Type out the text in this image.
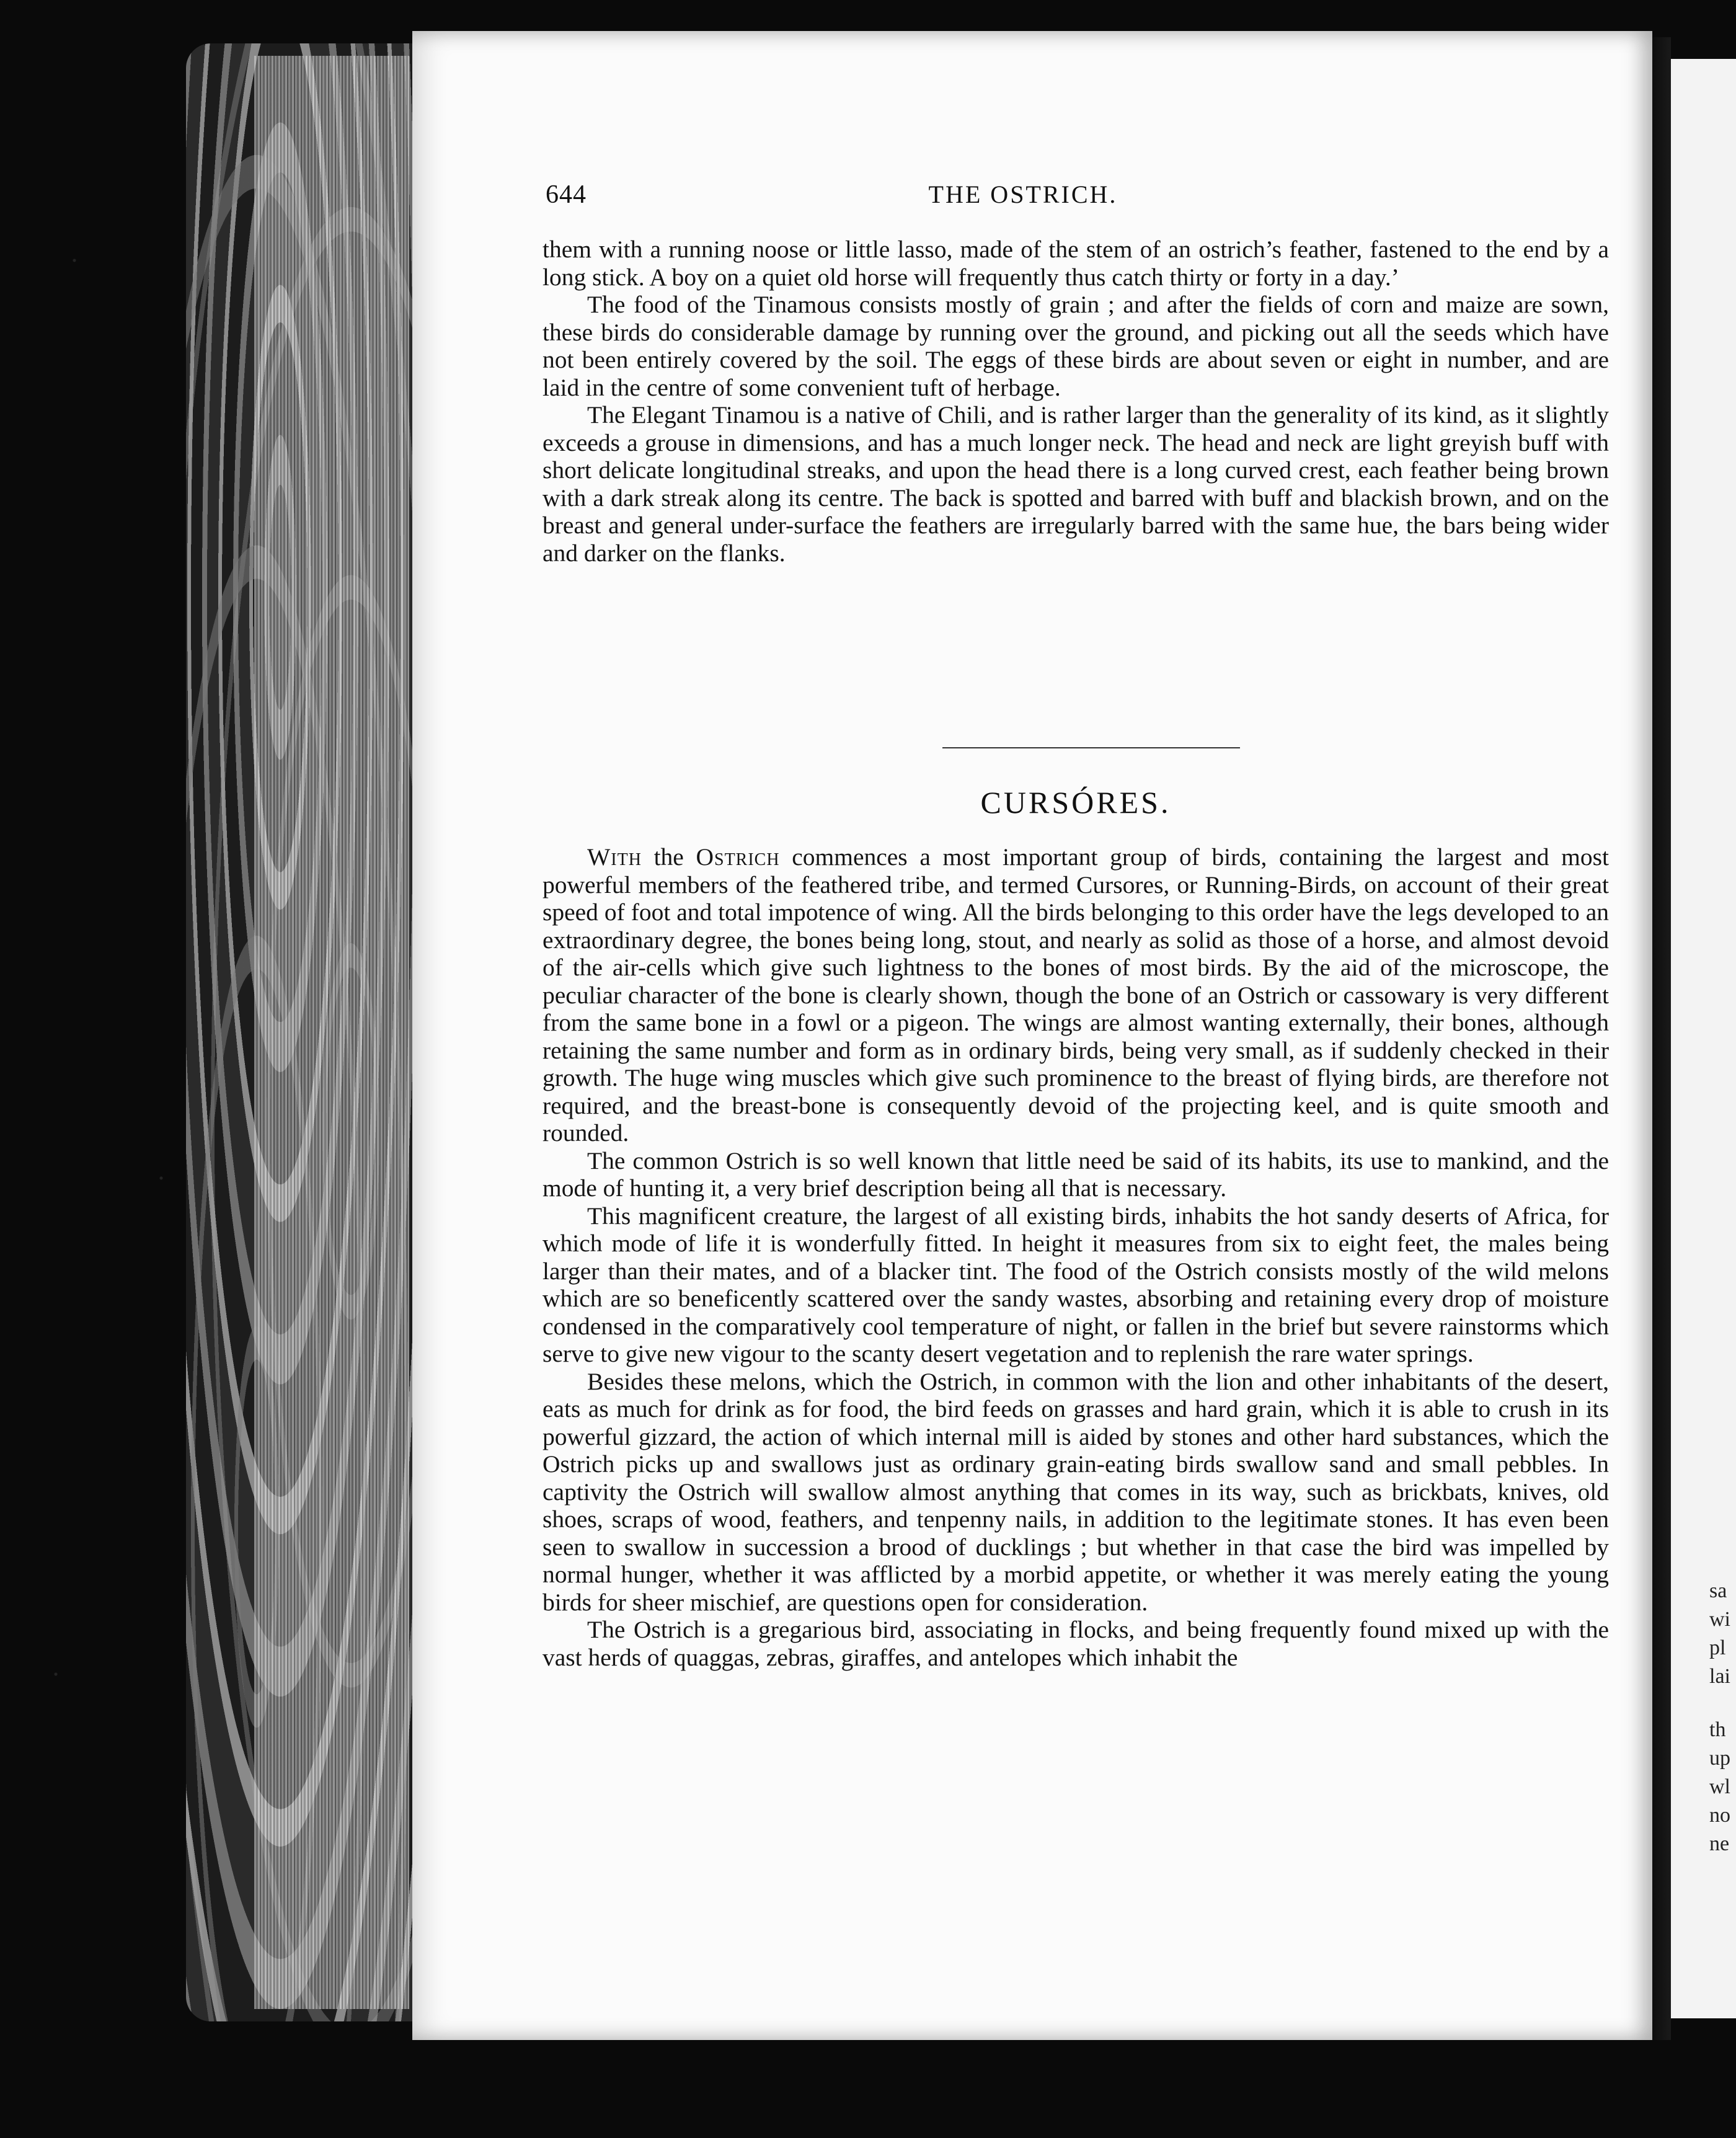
644	THE OSTRICH.

them with a running noose or little lasso, made of the stem of an ostrich’s feather, fastened to the end by a long stick. A boy on a quiet old horse will frequently thus catch thirty or forty in a day.’

The food of the Tinamous consists mostly of grain ; and after the fields of corn and maize are sown, these birds do considerable damage by running over the ground, and picking out all the seeds which have not been entirely covered by the soil. The eggs of these birds are about seven or eight in number, and are laid in the centre of some convenient tuft of herbage.

The Elegant Tinamou is a native of Chili, and is rather larger than the generality of its kind, as it slightly exceeds a grouse in dimensions, and has a much longer neck. The head and neck are light greyish buff with short delicate longitudinal streaks, and upon the head there is a long curved crest, each feather being brown with a dark streak along its centre. The back is spotted and barred with buff and blackish brown, and on the breast and general under-surface the feathers are irregularly barred with the same hue, the bars being wider and darker on the flanks.

CURSÓRES.

With the Ostrich commences a most important group of birds, containing the largest and most powerful members of the feathered tribe, and termed Cursores, or Running-Birds, on account of their great speed of foot and total impotence of wing. All the birds belonging to this order have the legs developed to an extraordinary degree, the bones being long, stout, and nearly as solid as those of a horse, and almost devoid of the air-cells which give such lightness to the bones of most birds. By the aid of the microscope, the peculiar character of the bone is clearly shown, though the bone of an Ostrich or cassowary is very different from the same bone in a fowl or a pigeon. The wings are almost wanting externally, their bones, although retaining the same number and form as in ordinary birds, being very small, as if suddenly checked in their growth. The huge wing muscles which give such prominence to the breast of flying birds, are therefore not required, and the breast-bone is consequently devoid of the projecting keel, and is quite smooth and rounded.

The common Ostrich is so well known that little need be said of its habits, its use to mankind, and the mode of hunting it, a very brief description being all that is necessary.

This magnificent creature, the largest of all existing birds, inhabits the hot sandy deserts of Africa, for which mode of life it is wonderfully fitted. In height it measures from six to eight feet, the males being larger than their mates, and of a blacker tint. The food of the Ostrich consists mostly of the wild melons which are so beneficently scattered over the sandy wastes, absorbing and retaining every drop of moisture condensed in the comparatively cool temperature of night, or fallen in the brief but severe rainstorms which serve to give new vigour to the scanty desert vegetation and to replenish the rare water springs.

Besides these melons, which the Ostrich, in common with the lion and other inhabitants of the desert, eats as much for drink as for food, the bird feeds on grasses and hard grain, which it is able to crush in its powerful gizzard, the action of which internal mill is aided by stones and other hard substances, which the Ostrich picks up and swallows just as ordinary grain-eating birds swallow sand and small pebbles. In captivity the Ostrich will swallow almost anything that comes in its way, such as brickbats, knives, old shoes, scraps of wood, feathers, and tenpenny nails, in addition to the legitimate stones. It has even been seen to swallow in succession a brood of ducklings ; but whether in that case the bird was impelled by normal hunger, whether it was afflicted by a morbid appetite, or whether it was merely eating the young birds for sheer mischief, are questions open for consideration.

The Ostrich is a gregarious bird, associating in flocks, and being frequently found mixed up with the vast herds of quaggas, zebras, giraffes, and antelopes which inhabit the

sa
wi
pl
lai
th
up
wl
no
ne
